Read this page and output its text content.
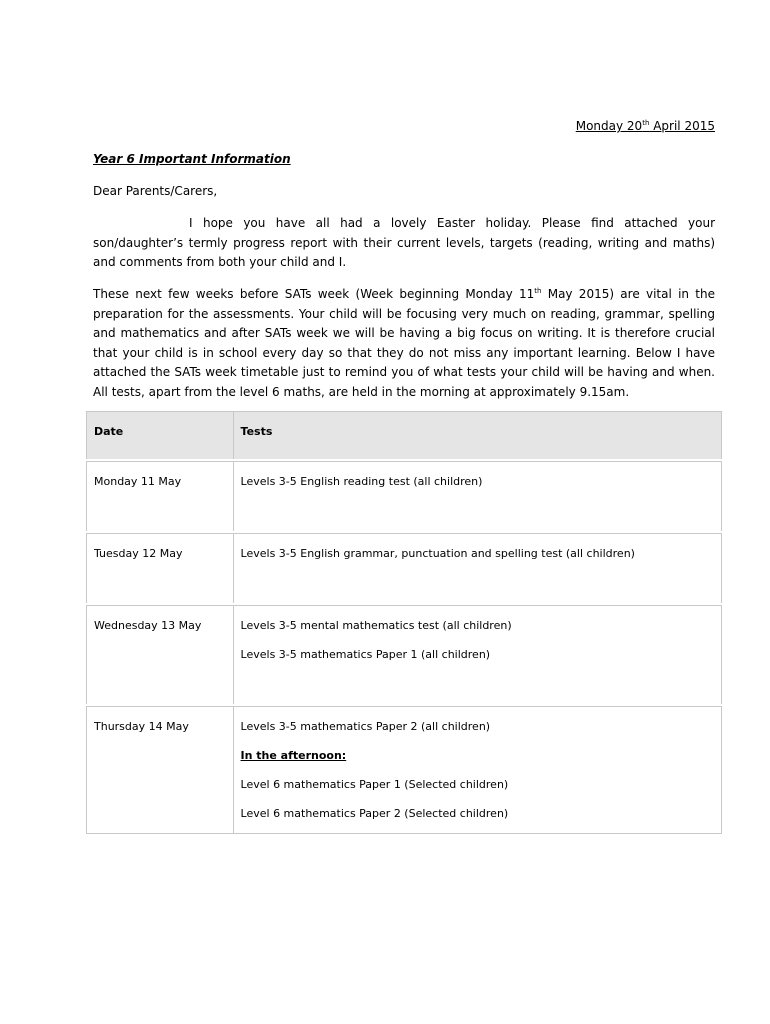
Monday 20th April 2015
Year 6 Important Information
Dear Parents/Carers,

I hope you have all had a lovely Easter holiday. Please find attached your son/daughter’s termly progress report with their current levels, targets (reading, writing and maths) and comments from both your child and I.

These next few weeks before SATs week (Week beginning Monday 11th May 2015) are vital in the preparation for the assessments. Your child will be focusing very much on reading, grammar, spelling and mathematics and after SATs week we will be having a big focus on writing. It is therefore crucial that your child is in school every day so that they do not miss any important learning. Below I have attached the SATs week timetable just to remind you of what tests your child will be having and when. All tests, apart from the level 6 maths, are held in the morning at approximately 9.15am.

Date	Tests

Monday 11 May	Levels 3-5 English reading test (all children)

Tuesday 12 May	Levels 3-5 English grammar, punctuation and spelling test (all children)

Wednesday 13 May	Levels 3-5 mental mathematics test (all children)
Levels 3-5 mathematics Paper 1 (all children)

Thursday 14 May	Levels 3-5 mathematics Paper 2 (all children)
In the afternoon:
Level 6 mathematics Paper 1 (Selected children)
Level 6 mathematics Paper 2 (Selected children)
